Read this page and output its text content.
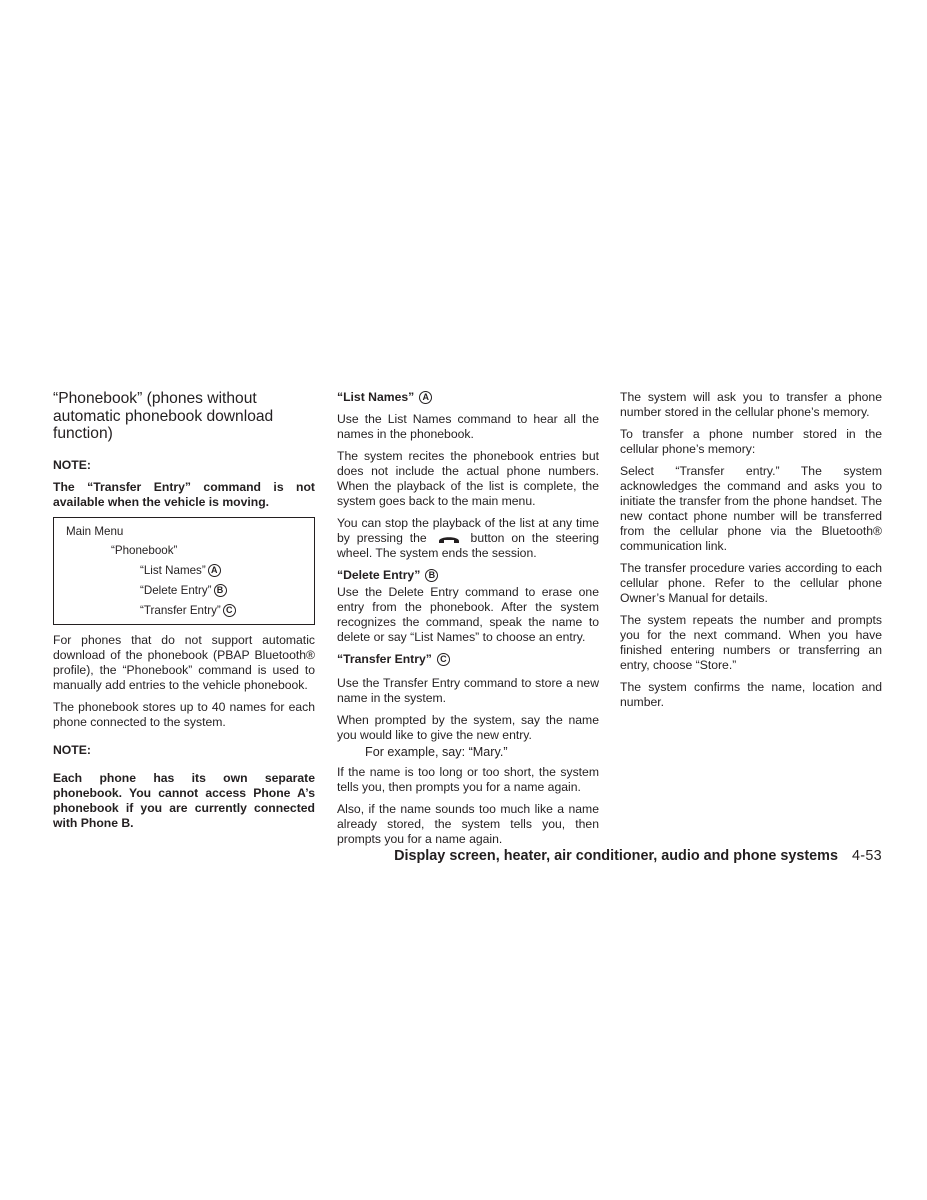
“Phonebook” (phones without automatic phonebook download function)
NOTE:

The “Transfer Entry” command is not available when the vehicle is moving.

Main Menu
“Phonebook”
“List Names” A
“Delete Entry” B
“Transfer Entry” C

For phones that do not support automatic download of the phonebook (PBAP Bluetooth® profile), the “Phonebook” command is used to manually add entries to the vehicle phonebook.

The phonebook stores up to 40 names for each phone connected to the system.

NOTE:

Each phone has its own separate phonebook. You cannot access Phone A’s phonebook if you are currently connected with Phone B.

“List Names” A

Use the List Names command to hear all the names in the phonebook.

The system recites the phonebook entries but does not include the actual phone numbers. When the playback of the list is complete, the system goes back to the main menu.

You can stop the playback of the list at any time by pressing the	button on the steering wheel. The system ends the session.

“Delete Entry” B

Use the Delete Entry command to erase one entry from the phonebook. After the system recognizes the command, speak the name to delete or say “List Names” to choose an entry.

“Transfer Entry” C

Use the Transfer Entry command to store a new name in the system.

When prompted by the system, say the name you would like to give the new entry.

For example, say: “Mary.”

If the name is too long or too short, the system tells you, then prompts you for a name again.

Also, if the name sounds too much like a name already stored, the system tells you, then prompts you for a name again.

The system will ask you to transfer a phone number stored in the cellular phone’s memory.

To transfer a phone number stored in the cellular phone’s memory:

Select “Transfer entry.” The system acknowledges the command and asks you to initiate the transfer from the phone handset. The new contact phone number will be transferred from the cellular phone via the Bluetooth® communication link.

The transfer procedure varies according to each cellular phone. Refer to the cellular phone Owner’s Manual for details.

The system repeats the number and prompts you for the next command. When you have finished entering numbers or transferring an entry, choose “Store.”

The system confirms the name, location and number.

Display screen, heater, air conditioner, audio and phone systems 4-53
